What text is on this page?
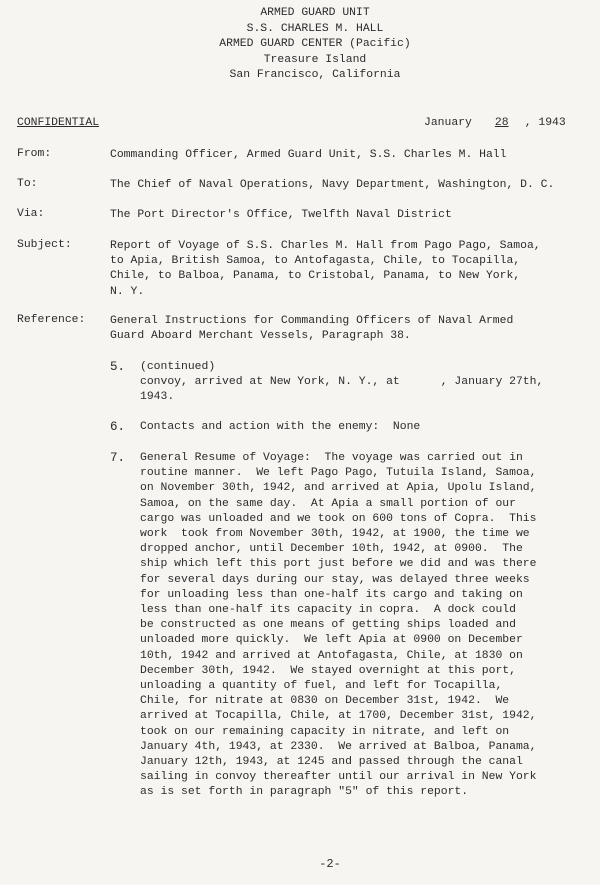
ARMED GUARD UNIT
S.S. CHARLES M. HALL
ARMED GUARD CENTER (Pacific)
Treasure Island
San Francisco, California
CONFIDENTIAL	January 28 , 1943
From:	Commanding Officer, Armed Guard Unit, S.S. Charles M. Hall
To:	The Chief of Naval Operations, Navy Department, Washington, D. C.
Via:	The Port Director's Office, Twelfth Naval District
Subject:	Report of Voyage of S.S. Charles M. Hall from Pago Pago, Samoa,
to Apia, British Samoa, to Antofagasta, Chile, to Tocapilla,
Chile, to Balboa, Panama, to Cristobal, Panama, to New York,
N. Y.
Reference: General Instructions for Commanding Officers of Naval Armed
Guard Aboard Merchant Vessels, Paragraph 38.
5. (continued)
convoy, arrived at New York, N. Y., at      , January 27th,
1943.
6. Contacts and action with the enemy:  None
7. General Resume of Voyage:  The voyage was carried out in
routine manner.  We left Pago Pago, Tutuila Island, Samoa,
on November 30th, 1942, and arrived at Apia, Upolu Island,
Samoa, on the same day.  At Apia a small portion of our
cargo was unloaded and we took on 600 tons of Copra.  This
work  took from November 30th, 1942, at 1900, the time we
dropped anchor, until December 10th, 1942, at 0900.  The
ship which left this port just before we did and was there
for several days during our stay, was delayed three weeks
for unloading less than one-half its cargo and taking on
less than one-half its capacity in copra.  A dock could
be constructed as one means of getting ships loaded and
unloaded more quickly.  We left Apia at 0900 on December
10th, 1942 and arrived at Antofagasta, Chile, at 1830 on
December 30th, 1942.  We stayed overnight at this port,
unloading a quantity of fuel, and left for Tocapilla,
Chile, for nitrate at 0830 on December 31st, 1942.  We
arrived at Tocapilla, Chile, at 1700, December 31st, 1942,
took on our remaining capacity in nitrate, and left on
January 4th, 1943, at 2330.  We arrived at Balboa, Panama,
January 12th, 1943, at 1245 and passed through the canal
sailing in convoy thereafter until our arrival in New York
as is set forth in paragraph "5" of this report.
-2-
